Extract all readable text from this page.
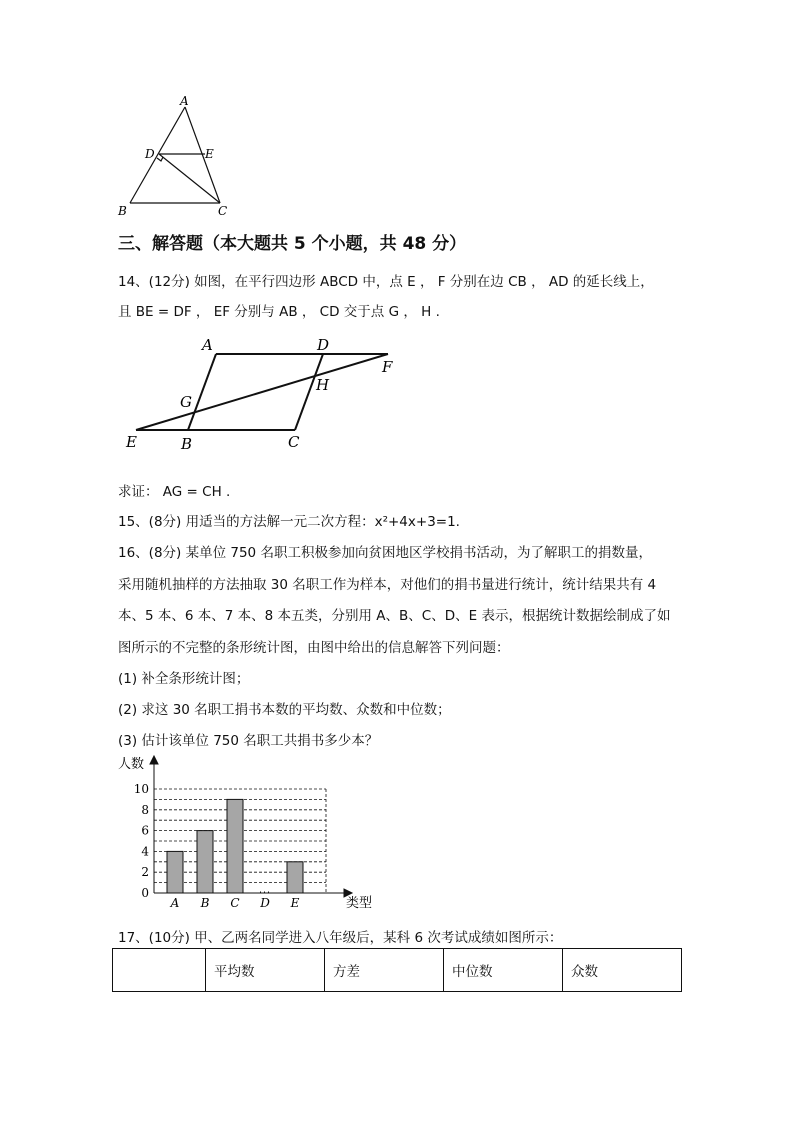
A
D	E
B	C
三、解答题（本大题共 5 个小题，共 48 分）
14、(12分) 如图，在平行四边形 ABCD 中，点 E ， F 分别在边 CB ， AD 的延长线上，
且 BE = DF ， EF 分别与 AB ， CD 交于点 G ， H .
A	D
F
H
G
E	B	C
求证： AG = CH .
15、(8分) 用适当的方法解一元二次方程：x²+4x+3=1.
16、(8分) 某单位 750 名职工积极参加向贫困地区学校捐书活动，为了解职工的捐数量，
采用随机抽样的方法抽取 30 名职工作为样本，对他们的捐书量进行统计，统计结果共有 4
本、5 本、6 本、7 本、8 本五类，分别用 A、B、C、D、E 表示，根据统计数据绘制成了如
图所示的不完整的条形统计图，由图中给出的信息解答下列问题：
(1) 补全条形统计图；
(2) 求这 30 名职工捐书本数的平均数、众数和中位数；
(3) 估计该单位 750 名职工共捐书多少本？
人数
类型
0
2
4
6
8
10
A B C D E
17、(10分) 甲、乙两名同学进入八年级后，某科 6 次考试成绩如图所示：
	平均数	方差	中位数	众数
